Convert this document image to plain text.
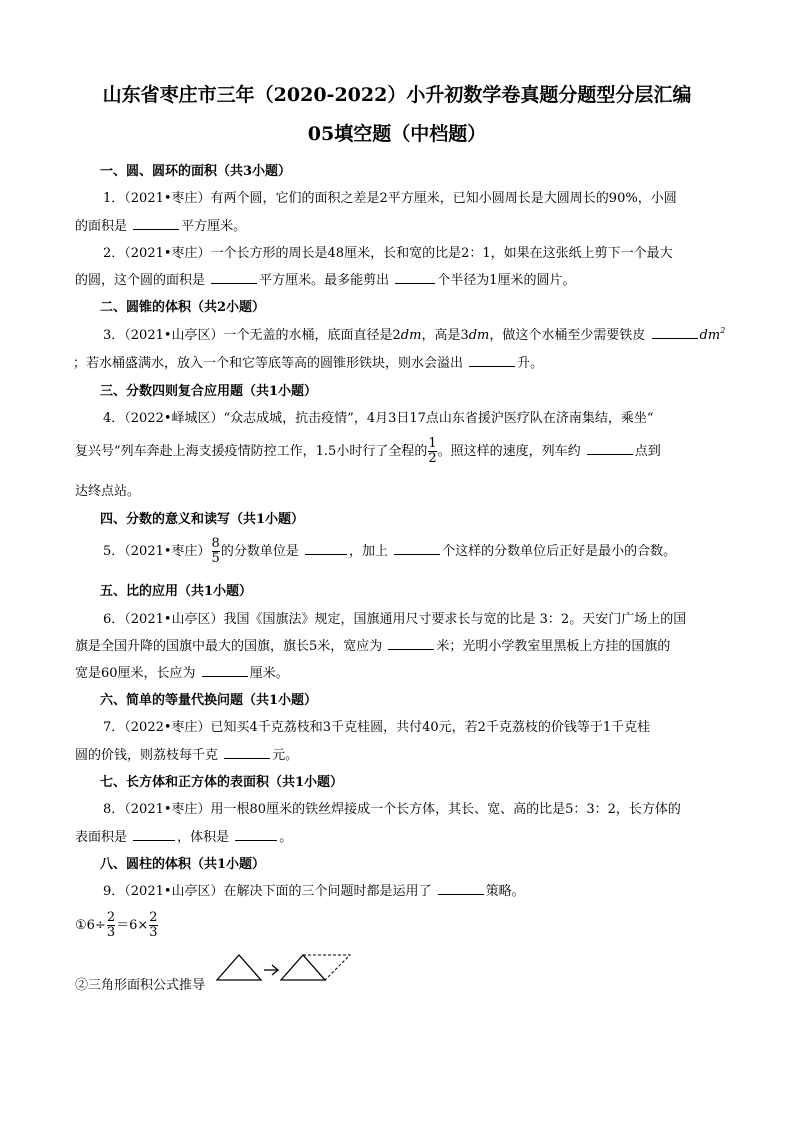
山东省枣庄市三年（2020-2022）小升初数学卷真题分题型分层汇编
05填空题（中档题）
一、圆、圆环的面积（共3小题）
1．（2021•枣庄）有两个圆，它们的面积之差是2平方厘米，已知小圆周长是大圆周长的90%，小圆
的面积是	平方厘米。
2．（2021•枣庄）一个长方形的周长是48厘米，长和宽的比是2：1，如果在这张纸上剪下一个最大
的圆，这个圆的面积是	平方厘米。最多能剪出	个半径为1厘米的圆片。
二、圆锥的体积（共2小题）
3．（2021•山亭区）一个无盖的水桶，底面直径是2dm，高是3dm，做这个水桶至少需要铁皮	$dm^2$
；若水桶盛满水，放入一个和它等底等高的圆锥形铁块，则水会溢出	升。
三、分数四则复合应用题（共1小题）
4．（2022•峄城区）“众志成城，抗击疫情”，4月3日17点山东省援沪医疗队在济南集结，乘坐“
复兴号”列车奔赴上海支援疫情防控工作，1.5小时行了全程的 $\frac{1}{2}$ 。照这样的速度，列车约	点到
达终点站。
四、分数的意义和读写（共1小题）
5．（2021•枣庄） $\frac{8}{5}$ 的分数单位是	，加上	个这样的分数单位后正好是最小的合数。
五、比的应用（共1小题）
6．（2021•山亭区）我国《国旗法》规定，国旗通用尺寸要求长与宽的比是 3：2。天安门广场上的国
旗是全国升降的国旗中最大的国旗，旗长5米，宽应为	米；光明小学教室里黑板上方挂的国旗的
宽是60厘米，长应为	厘米。
六、简单的等量代换问题（共1小题）
7．（2022•枣庄）已知买4千克荔枝和3千克桂圆，共付40元，若2千克荔枝的价钱等于1千克桂
圆的价钱，则荔枝每千克	元。
七、长方体和正方体的表面积（共1小题）
8．（2021•枣庄）用一根80厘米的铁丝焊接成一个长方体，其长、宽、高的比是5：3：2，长方体的
表面积是	，体积是	。
八、圆柱的体积（共1小题）
9．（2021•山亭区）在解决下面的三个问题时都是运用了	策略。
①6÷ $\frac{2}{3} =6\times \frac{2}{3}$
②三角形面积公式推导
